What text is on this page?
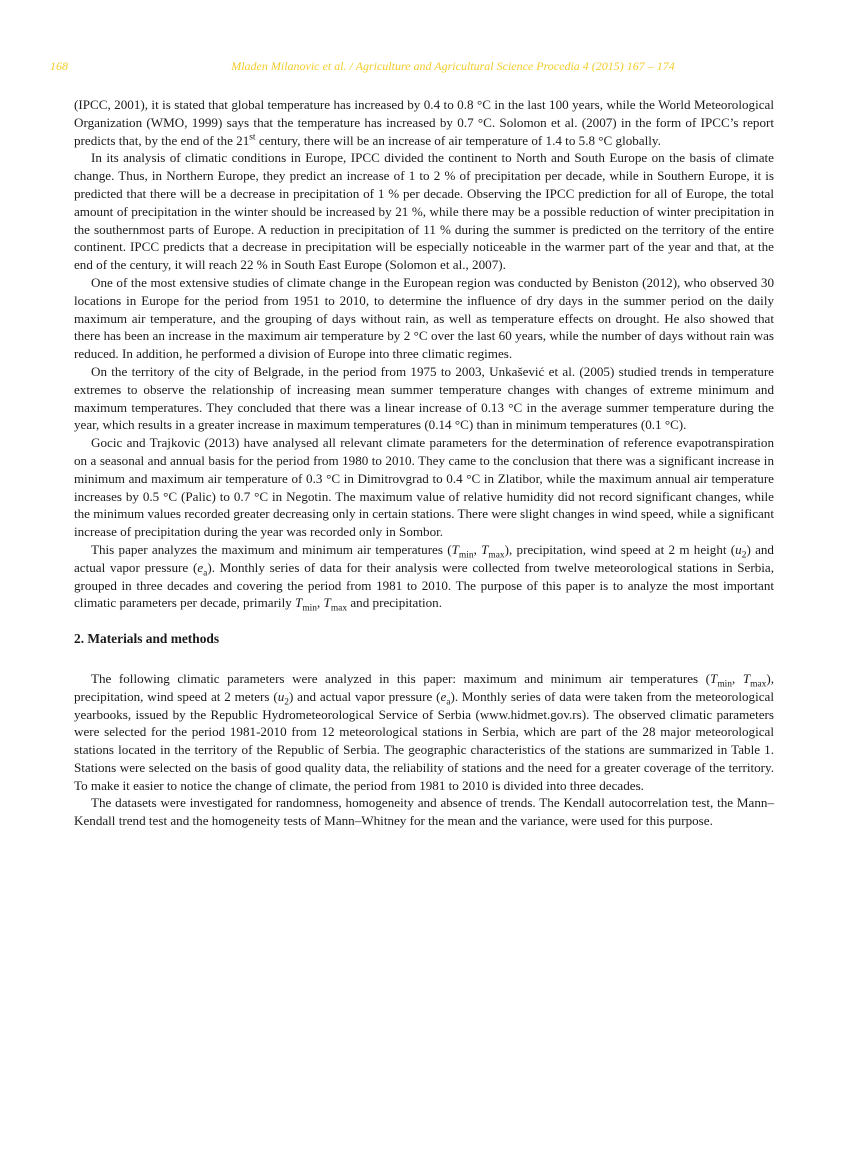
168	Mladen Milanovic et al. / Agriculture and Agricultural Science Procedia 4 (2015) 167 – 174

(IPCC, 2001), it is stated that global temperature has increased by 0.4 to 0.8 °C in the last 100 years, while the World Meteorological Organization (WMO, 1999) says that the temperature has increased by 0.7 °C. Solomon et al. (2007) in the form of IPCC’s report predicts that, by the end of the 21st century, there will be an increase of air temperature of 1.4 to 5.8 °C globally.

In its analysis of climatic conditions in Europe, IPCC divided the continent to North and South Europe on the basis of climate change. Thus, in Northern Europe, they predict an increase of 1 to 2 % of precipitation per decade, while in Southern Europe, it is predicted that there will be a decrease in precipitation of 1 % per decade. Observing the IPCC prediction for all of Europe, the total amount of precipitation in the winter should be increased by 21 %, while there may be a possible reduction of winter precipitation in the southernmost parts of Europe. A reduction in precipitation of 11 % during the summer is predicted on the territory of the entire continent. IPCC predicts that a decrease in precipitation will be especially noticeable in the warmer part of the year and that, at the end of the century, it will reach 22 % in South East Europe (Solomon et al., 2007).

One of the most extensive studies of climate change in the European region was conducted by Beniston (2012), who observed 30 locations in Europe for the period from 1951 to 2010, to determine the influence of dry days in the summer period on the daily maximum air temperature, and the grouping of days without rain, as well as temperature effects on drought. He also showed that there has been an increase in the maximum air temperature by 2 °C over the last 60 years, while the number of days without rain was reduced. In addition, he performed a division of Europe into three climatic regimes.

On the territory of the city of Belgrade, in the period from 1975 to 2003, Unkašević et al. (2005) studied trends in temperature extremes to observe the relationship of increasing mean summer temperature changes with changes of extreme minimum and maximum temperatures. They concluded that there was a linear increase of 0.13 °C in the average summer temperature during the year, which results in a greater increase in maximum temperatures (0.14 °C) than in minimum temperatures (0.1 °C).

Gocic and Trajkovic (2013) have analysed all relevant climate parameters for the determination of reference evapotranspiration on a seasonal and annual basis for the period from 1980 to 2010. They came to the conclusion that there was a significant increase in minimum and maximum air temperature of 0.3 °C in Dimitrovgrad to 0.4 °C in Zlatibor, while the maximum annual air temperature increases by 0.5 °C (Palic) to 0.7 °C in Negotin. The maximum value of relative humidity did not record significant changes, while the minimum values recorded greater decreasing only in certain stations. There were slight changes in wind speed, while a significant increase of precipitation during the year was recorded only in Sombor.

This paper analyzes the maximum and minimum air temperatures ($T_{min}$, $T_{max}$), precipitation, wind speed at 2 m height $(u_2)$ and actual vapor pressure $(e_a)$. Monthly series of data for their analysis were collected from twelve meteorological stations in Serbia, grouped in three decades and covering the period from 1981 to 2010. The purpose of this paper is to analyze the most important climatic parameters per decade, primarily $T_{min}$, $T_{max}$ and precipitation.

2. Materials and methods

The following climatic parameters were analyzed in this paper: maximum and minimum air temperatures ($T_{min}$, $T_{max}$), precipitation, wind speed at 2 meters $(u_2)$ and actual vapor pressure $(e_a)$. Monthly series of data were taken from the meteorological yearbooks, issued by the Republic Hydrometeorological Service of Serbia (www.hidmet.gov.rs). The observed climatic parameters were selected for the period 1981-2010 from 12 meteorological stations in Serbia, which are part of the 28 major meteorological stations located in the territory of the Republic of Serbia. The geographic characteristics of the stations are summarized in Table 1. Stations were selected on the basis of good quality data, the reliability of stations and the need for a greater coverage of the territory. To make it easier to notice the change of climate, the period from 1981 to 2010 is divided into three decades.

The datasets were investigated for randomness, homogeneity and absence of trends. The Kendall autocorrelation test, the Mann–Kendall trend test and the homogeneity tests of Mann–Whitney for the mean and the variance, were used for this purpose.
